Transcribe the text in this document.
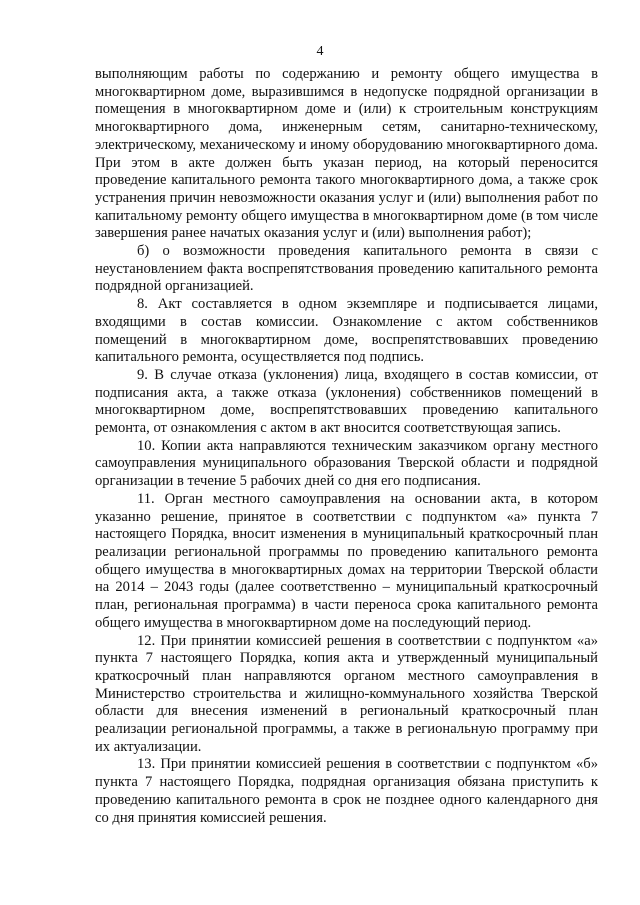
4

выполняющим работы по содержанию и ремонту общего имущества в многоквартирном доме, выразившимся в недопуске подрядной организации в помещения в многоквартирном доме и (или) к строительным конструкциям многоквартирного дома, инженерным сетям, санитарно-техническому, электрическому, механическому и иному оборудованию многоквартирного дома. При этом в акте должен быть указан период, на который переносится проведение капитального ремонта такого многоквартирного дома, а также срок устранения причин невозможности оказания услуг и (или) выполнения работ по капитальному ремонту общего имущества в многоквартирном доме (в том числе завершения ранее начатых оказания услуг и (или) выполнения работ);

б) о возможности проведения капитального ремонта в связи с неустановлением факта воспрепятствования проведению капитального ремонта подрядной организацией.

8. Акт составляется в одном экземпляре и подписывается лицами, входящими в состав комиссии. Ознакомление с актом собственников помещений в многоквартирном доме, воспрепятствовавших проведению капитального ремонта, осуществляется под подпись.

9. В случае отказа (уклонения) лица, входящего в состав комиссии, от подписания акта, а также отказа (уклонения) собственников помещений в многоквартирном доме, воспрепятствовавших проведению капитального ремонта, от ознакомления с актом в акт вносится соответствующая запись.

10. Копии акта направляются техническим заказчиком органу местного самоуправления муниципального образования Тверской области и подрядной организации в течение 5 рабочих дней со дня его подписания.

11. Орган местного самоуправления на основании акта, в котором указанно решение, принятое в соответствии с подпунктом «а» пункта 7 настоящего Порядка, вносит изменения в муниципальный краткосрочный план реализации региональной программы по проведению капитального ремонта общего имущества в многоквартирных домах на территории Тверской области на 2014 – 2043 годы (далее соответственно – муниципальный краткосрочный план, региональная программа) в части переноса срока капитального ремонта общего имущества в многоквартирном доме на последующий период.

12. При принятии комиссией решения в соответствии с подпунктом «а» пункта 7 настоящего Порядка, копия акта и утвержденный муниципальный краткосрочный план направляются органом местного самоуправления в Министерство строительства и жилищно-коммунального хозяйства Тверской области для внесения изменений в региональный краткосрочный план реализации региональной программы, а также в региональную программу при их актуализации.

13. При принятии комиссией решения в соответствии с подпунктом «б» пункта 7 настоящего Порядка, подрядная организация обязана приступить к проведению капитального ремонта в срок не позднее одного календарного дня со дня принятия комиссией решения.
